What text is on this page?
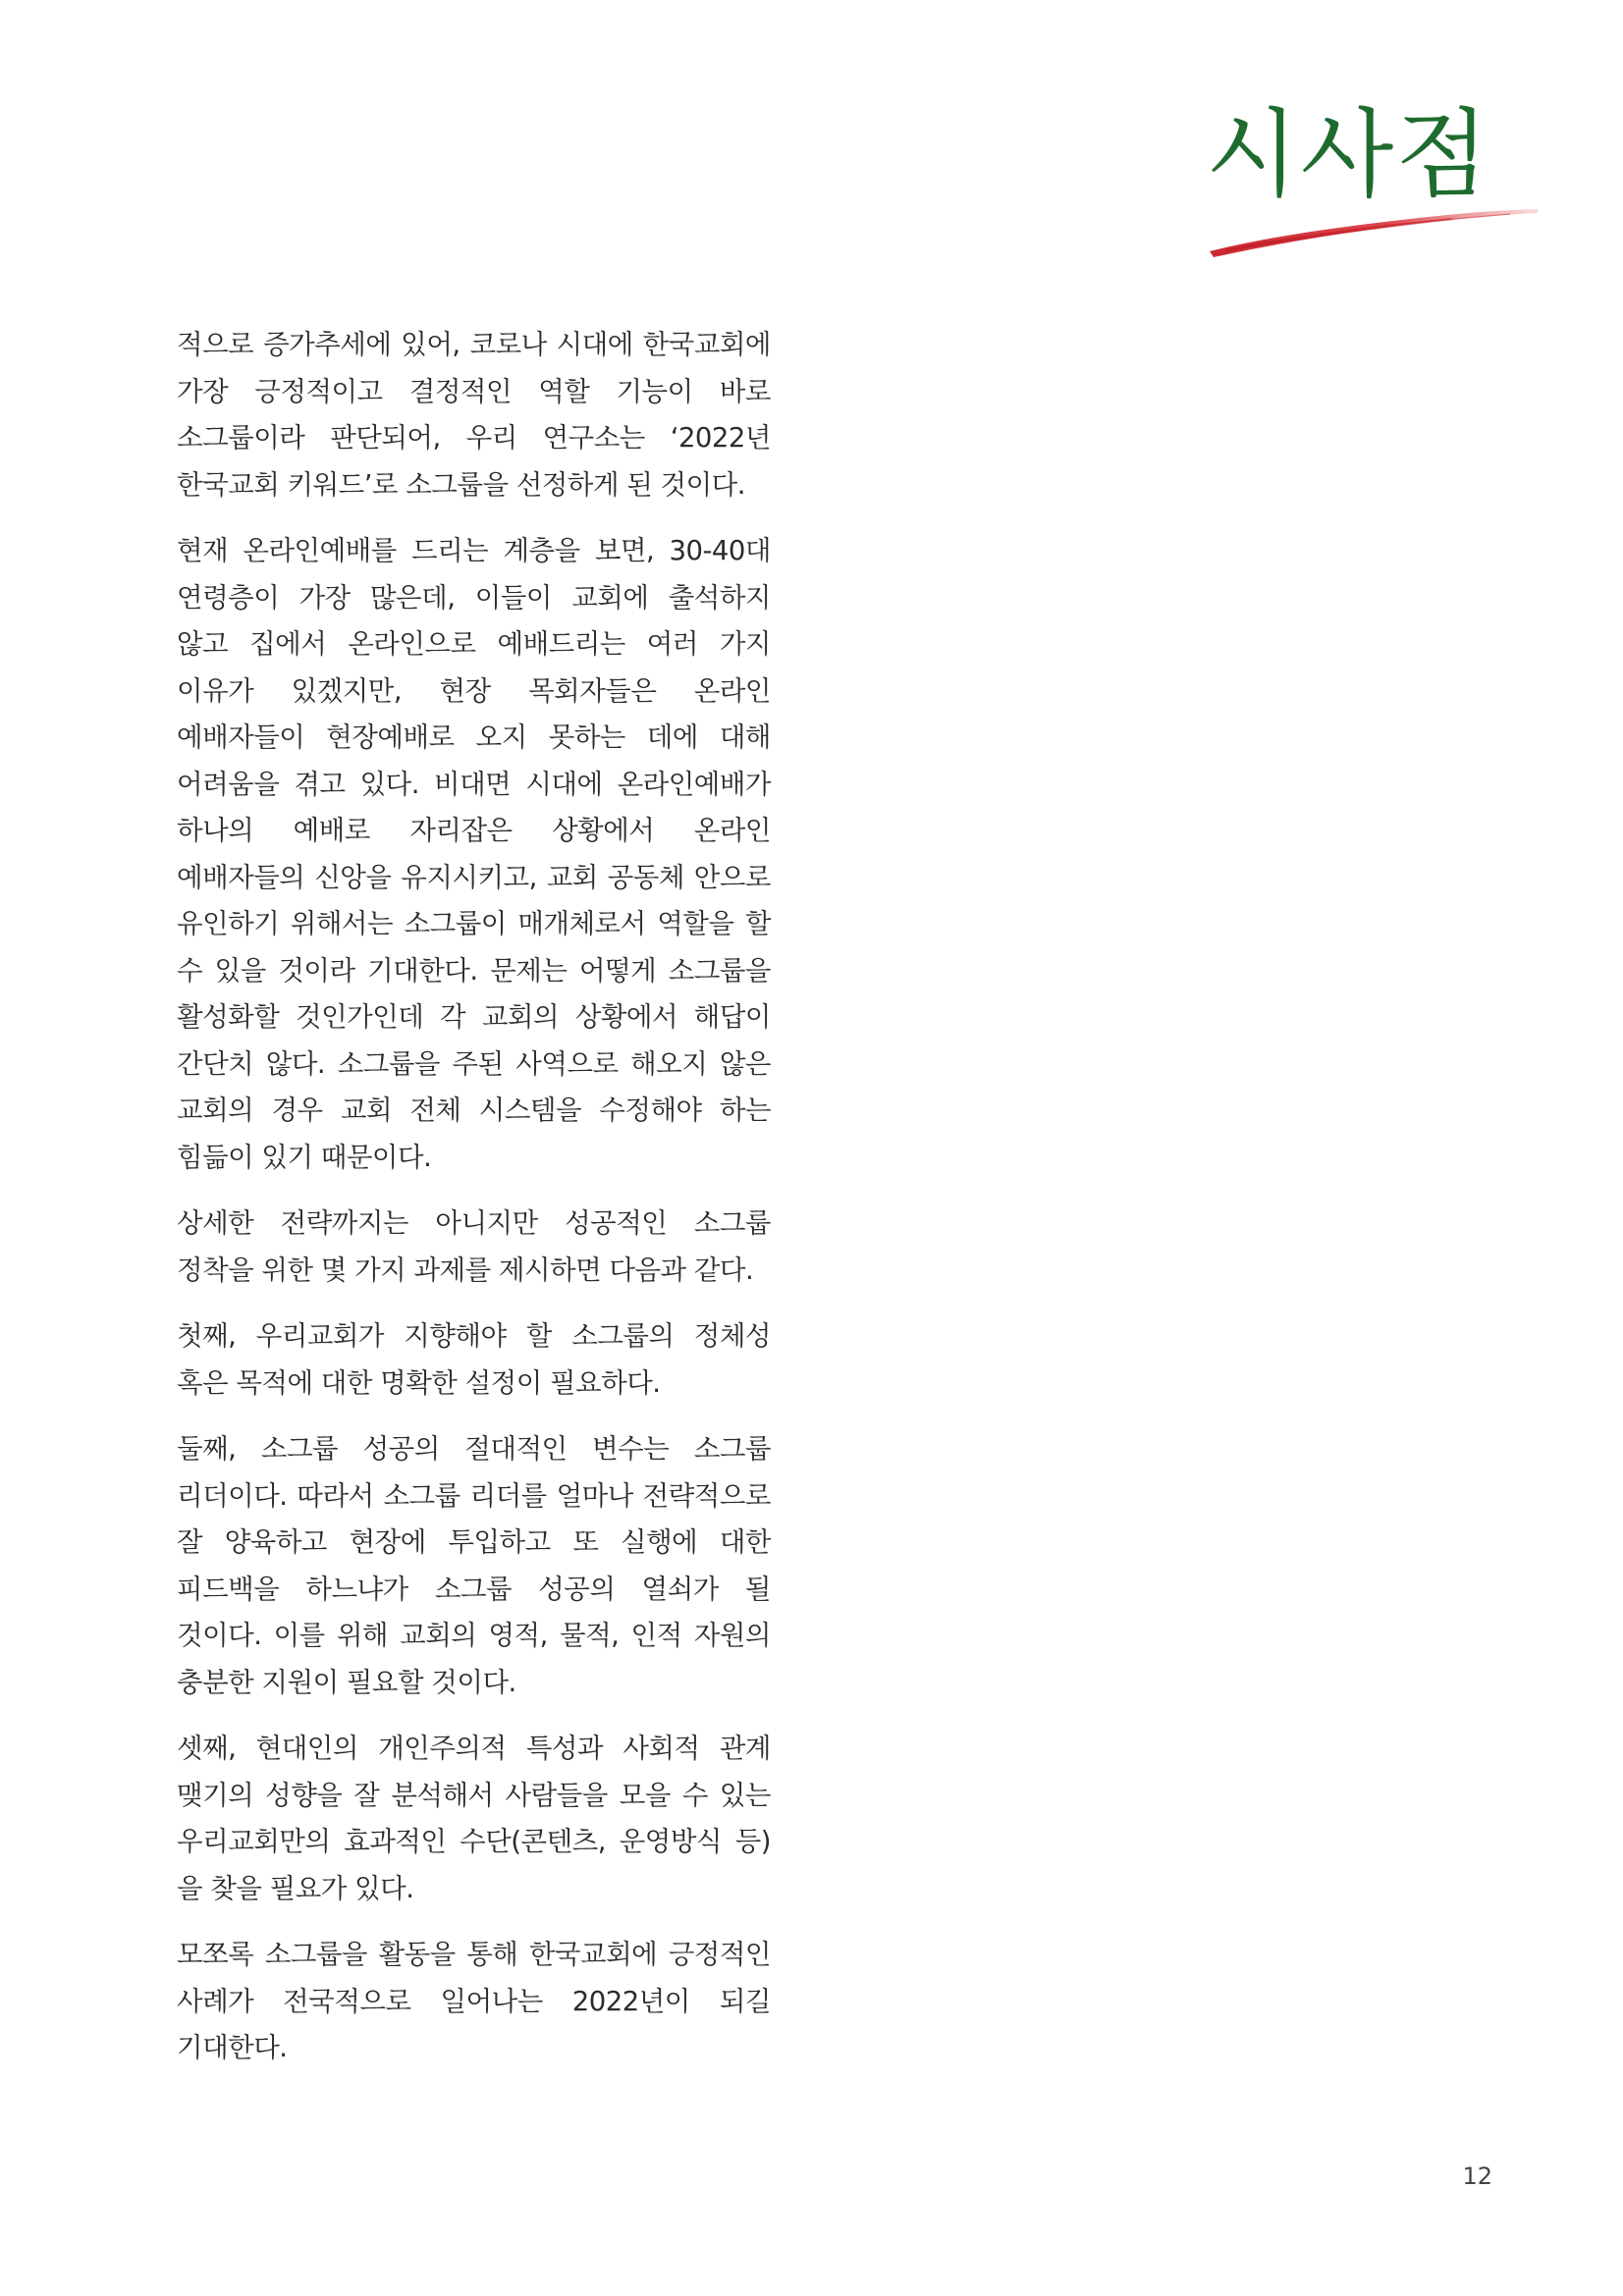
시사점

적으로 증가추세에 있어, 코로나 시대에 한국교회에 가장 긍정적이고 결정적인 역할 기능이 바로 소그룹이라 판단되어, 우리 연구소는 ‘2022년 한국교회 키워드’로 소그룹을 선정하게 된 것이다.

현재 온라인예배를 드리는 계층을 보면, 30-40대 연령층이 가장 많은데, 이들이 교회에 출석하지 않고 집에서 온라인으로 예배드리는 여러 가지 이유가 있겠지만, 현장 목회자들은 온라인 예배자들이 현장예배로 오지 못하는 데에 대해 어려움을 겪고 있다. 비대면 시대에 온라인예배가 하나의 예배로 자리잡은 상황에서 온라인 예배자들의 신앙을 유지시키고, 교회 공동체 안으로 유인하기 위해서는 소그룹이 매개체로서 역할을 할 수 있을 것이라 기대한다. 문제는 어떻게 소그룹을 활성화할 것인가인데 각 교회의 상황에서 해답이 간단치 않다. 소그룹을 주된 사역으로 해오지 않은 교회의 경우 교회 전체 시스템을 수정해야 하는 힘듦이 있기 때문이다.

상세한 전략까지는 아니지만 성공적인 소그룹 정착을 위한 몇 가지 과제를 제시하면 다음과 같다.

첫째, 우리교회가 지향해야 할 소그룹의 정체성 혹은 목적에 대한 명확한 설정이 필요하다.

둘째, 소그룹 성공의 절대적인 변수는 소그룹 리더이다. 따라서 소그룹 리더를 얼마나 전략적으로 잘 양육하고 현장에 투입하고 또 실행에 대한 피드백을 하느냐가 소그룹 성공의 열쇠가 될 것이다. 이를 위해 교회의 영적, 물적, 인적 자원의 충분한 지원이 필요할 것이다.

셋째, 현대인의 개인주의적 특성과 사회적 관계 맺기의 성향을 잘 분석해서 사람들을 모을 수 있는 우리교회만의 효과적인 수단(콘텐츠, 운영방식 등)을 찾을 필요가 있다.

모쪼록 소그룹을 활동을 통해 한국교회에 긍정적인 사례가 전국적으로 일어나는 2022년이 되길 기대한다.

12
